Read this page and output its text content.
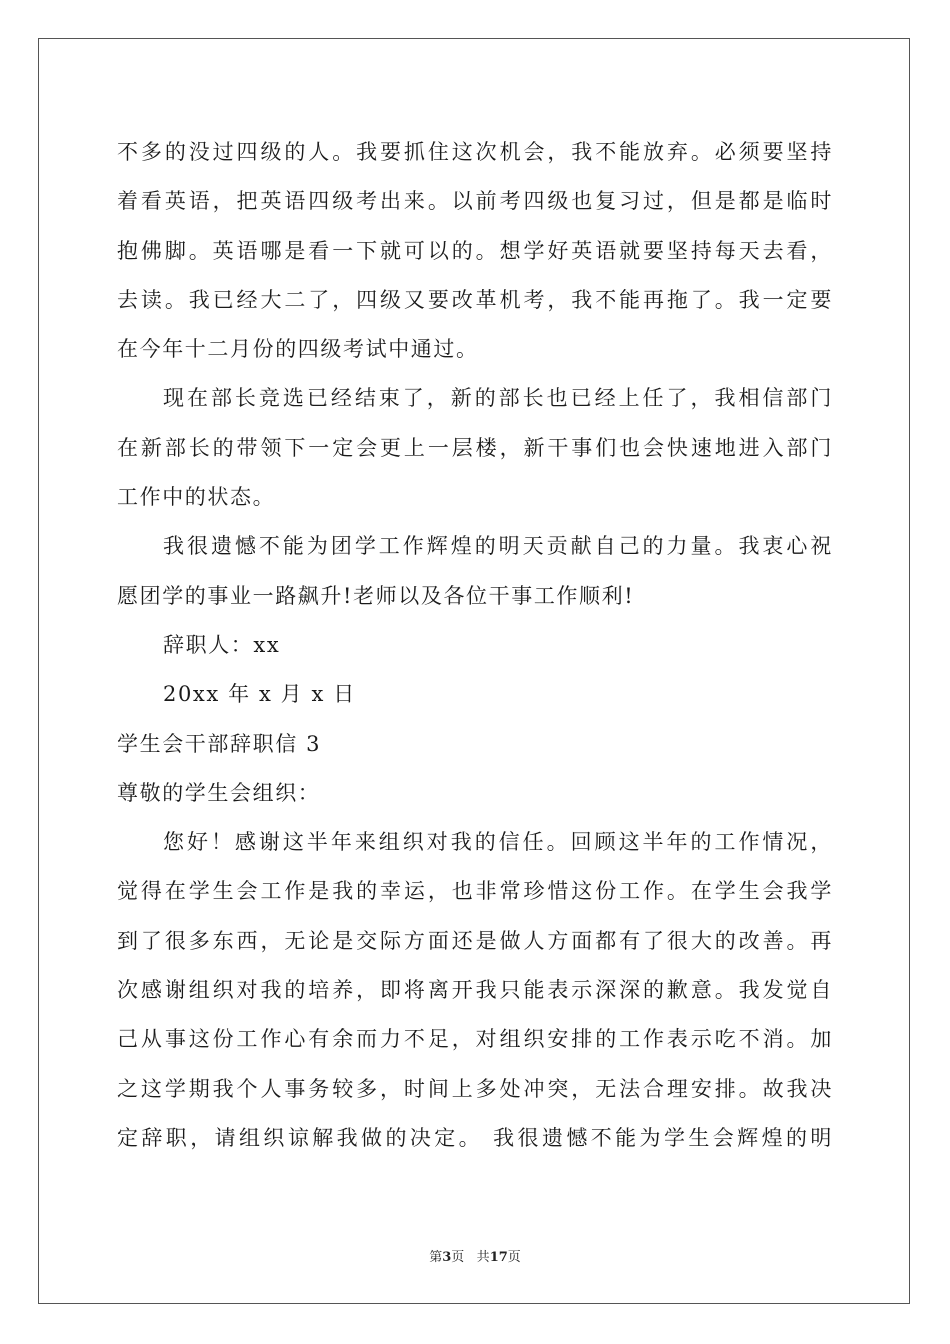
不多的没过四级的人。我要抓住这次机会，我不能放弃。必须要坚持
着看英语，把英语四级考出来。以前考四级也复习过，但是都是临时
抱佛脚。英语哪是看一下就可以的。想学好英语就要坚持每天去看，
去读。我已经大二了，四级又要改革机考，我不能再拖了。我一定要
在今年十二月份的四级考试中通过。
现在部长竞选已经结束了，新的部长也已经上任了，我相信部门
在新部长的带领下一定会更上一层楼，新干事们也会快速地进入部门
工作中的状态。
我很遗憾不能为团学工作辉煌的明天贡献自己的力量。我衷心祝
愿团学的事业一路飙升!老师以及各位干事工作顺利!
辞职人：xx
20xx 年 x 月 x 日
学生会干部辞职信 3
尊敬的学生会组织：
您好！感谢这半年来组织对我的信任。回顾这半年的工作情况，
觉得在学生会工作是我的幸运，也非常珍惜这份工作。在学生会我学
到了很多东西，无论是交际方面还是做人方面都有了很大的改善。再
次感谢组织对我的培养，即将离开我只能表示深深的歉意。我发觉自
己从事这份工作心有余而力不足，对组织安排的工作表示吃不消。加
之这学期我个人事务较多，时间上多处冲突，无法合理安排。故我决
定辞职，请组织谅解我做的决定。 我很遗憾不能为学生会辉煌的明
第3页 共17页
